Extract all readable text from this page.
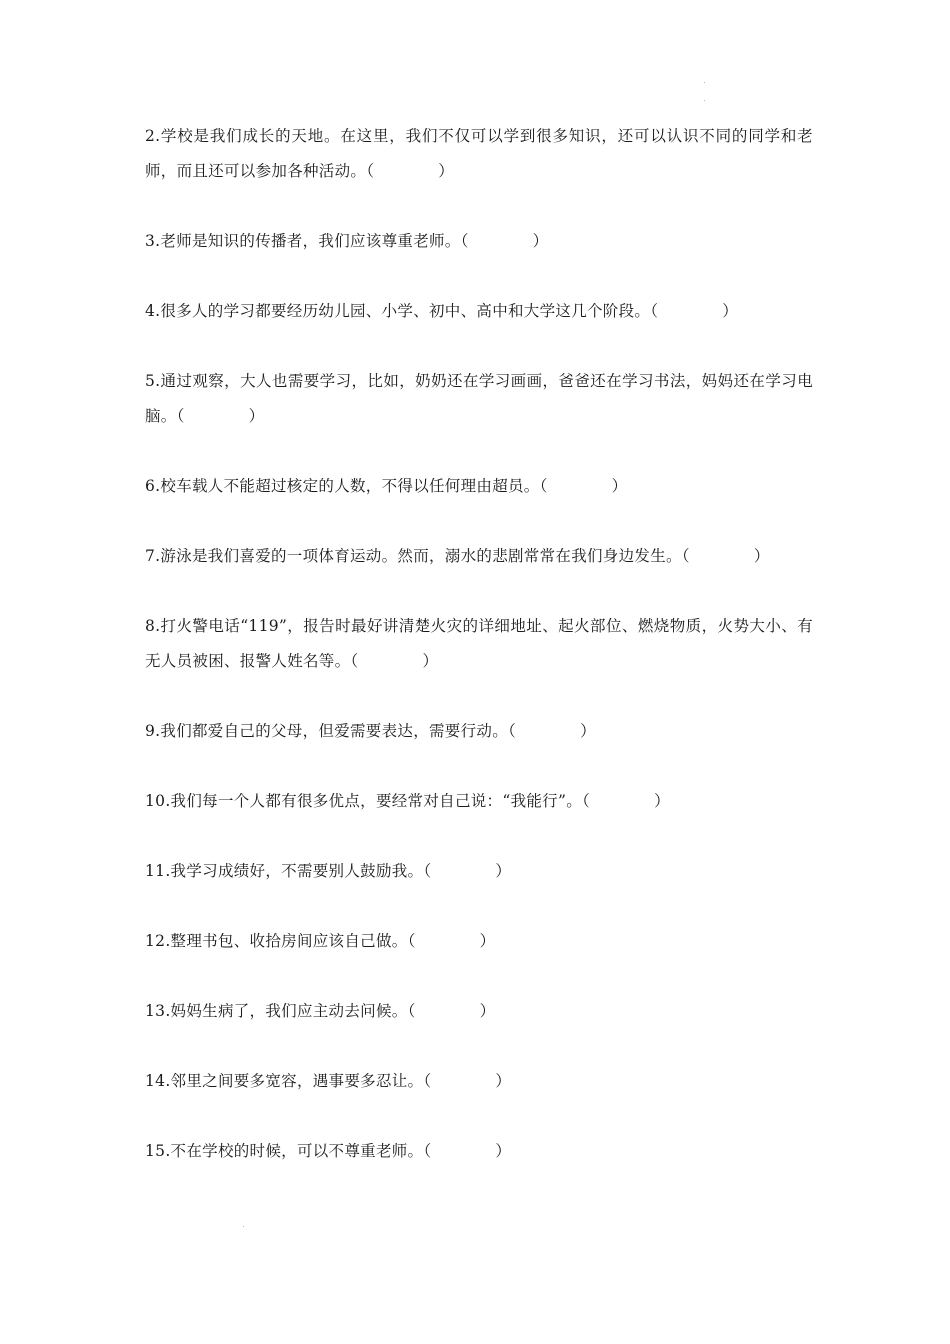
2.学校是我们成长的天地。在这里，我们不仅可以学到很多知识，还可以认识不同的同学和老师，而且还可以参加各种活动。（	）
3.老师是知识的传播者，我们应该尊重老师。（	）
4.很多人的学习都要经历幼儿园、小学、初中、高中和大学这几个阶段。（	）
5.通过观察，大人也需要学习，比如，奶奶还在学习画画，爸爸还在学习书法，妈妈还在学习电脑。（	）
6.校车载人不能超过核定的人数，不得以任何理由超员。（	）
7.游泳是我们喜爱的一项体育运动。然而，溺水的悲剧常常在我们身边发生。（	）
8.打火警电话“119”，报告时最好讲清楚火灾的详细地址、起火部位、燃烧物质，火势大小、有无人员被困、报警人姓名等。（	）
9.我们都爱自己的父母，但爱需要表达，需要行动。（	）
10.我们每一个人都有很多优点，要经常对自己说：“我能行”。（	）
11.我学习成绩好，不需要别人鼓励我。（	）
12.整理书包、收拾房间应该自己做。（	）
13.妈妈生病了，我们应主动去问候。（	）
14.邻里之间要多宽容，遇事要多忍让。（	）
15.不在学校的时候，可以不尊重老师。（	）
